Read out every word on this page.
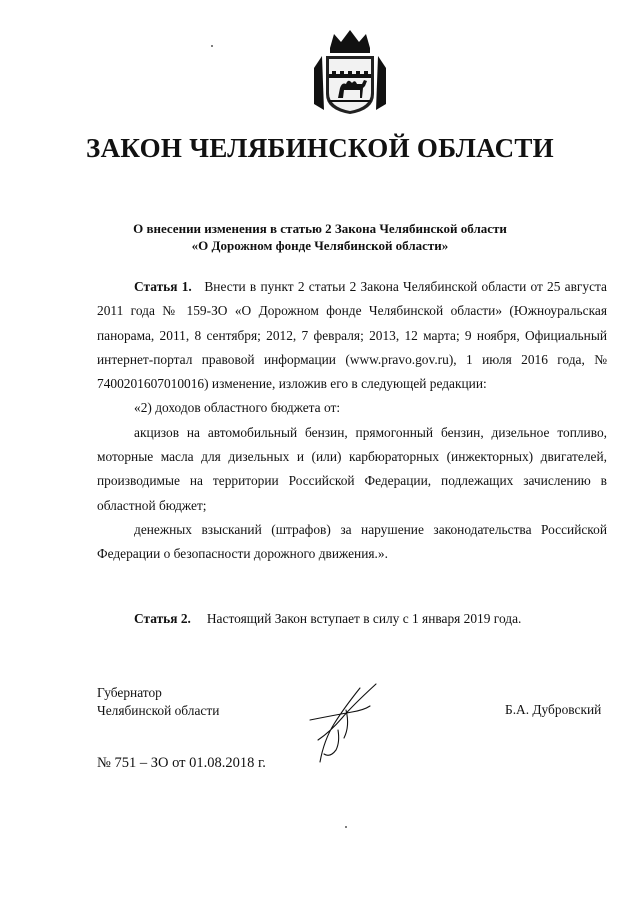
ЗАКОН ЧЕЛЯБИНСКОЙ ОБЛАСТИ
О внесении изменения в статью 2 Закона Челябинской области
«О Дорожном фонде Челябинской области»

Статья 1. Внести в пункт 2 статьи 2 Закона Челябинской области от 25 августа 2011 года № 159-ЗО «О Дорожном фонде Челябинской области» (Южноуральская панорама, 2011, 8 сентября; 2012, 7 февраля; 2013, 12 марта; 9 ноября, Официальный интернет-портал правовой информации (www.pravo.gov.ru), 1 июля 2016 года, № 7400201607010016) изменение, изложив его в следующей редакции:

«2) доходов областного бюджета от:

акцизов на автомобильный бензин, прямогонный бензин, дизельное топливо, моторные масла для дизельных и (или) карбюраторных (инжекторных) двигателей, производимые на территории Российской Федерации, подлежащих зачислению в областной бюджет;

денежных взысканий (штрафов) за нарушение законодательства Российской Федерации о безопасности дорожного движения.».

Статья 2. Настоящий Закон вступает в силу с 1 января 2019 года.
Губернатор
Челябинской области	Б.А. Дубровский
№ 751 – ЗО от 01.08.2018 г.
